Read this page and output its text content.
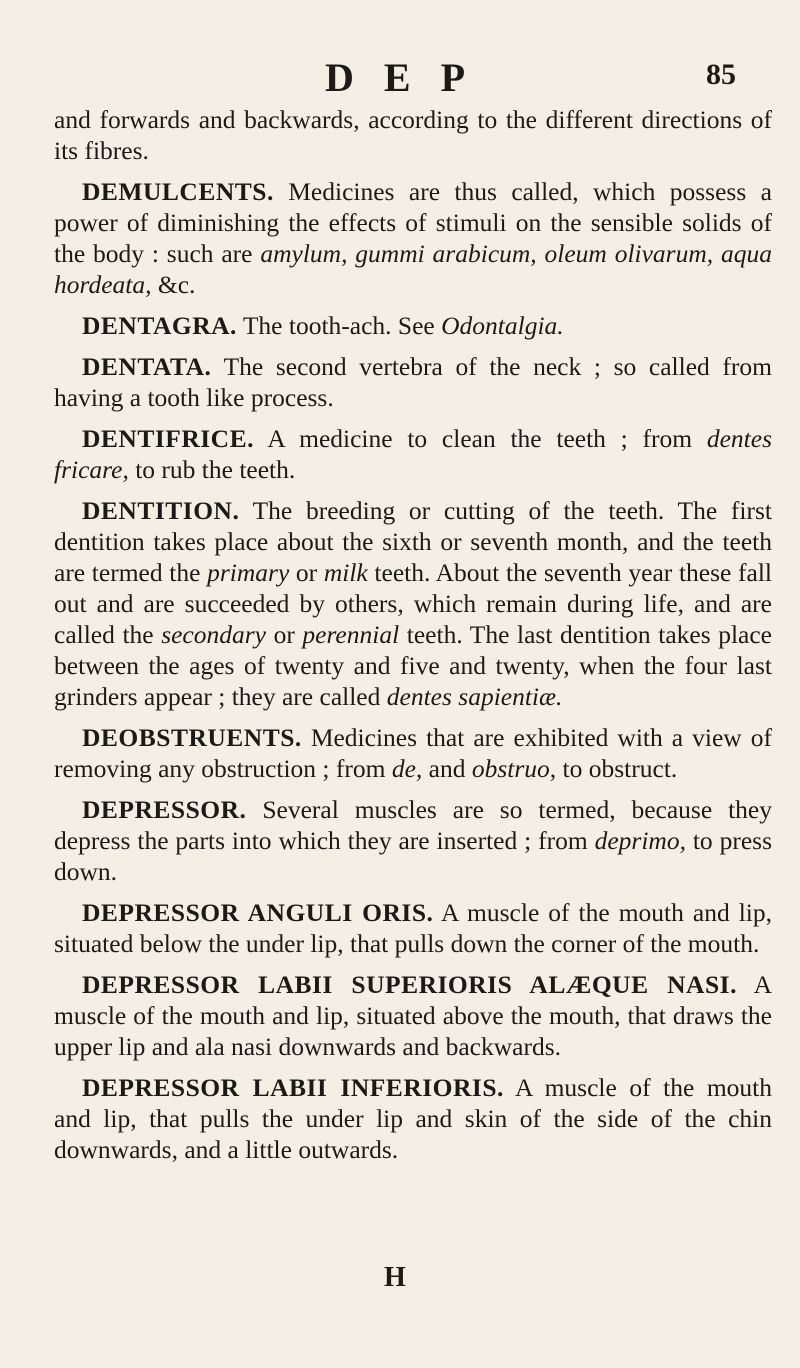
D E P	85

and forwards and backwards, according to the different directions of its fibres.

DEMULCENTS. Medicines are thus called, which possess a power of diminishing the effects of stimuli on the sensible solids of the body : such are amylum, gummi arabicum, oleum olivarum, aqua hordeata, &c.

DENTAGRA. The tooth-ach. See Odontalgia.

DENTATA. The second vertebra of the neck ; so called from having a tooth like process.

DENTIFRICE. A medicine to clean the teeth ; from dentes fricare, to rub the teeth.

DENTITION. The breeding or cutting of the teeth. The first dentition takes place about the sixth or seventh month, and the teeth are termed the primary or milk teeth. About the seventh year these fall out and are succeeded by others, which remain during life, and are called the secondary or perennial teeth. The last dentition takes place between the ages of twenty and five and twenty, when the four last grinders appear ; they are called dentes sapientiæ.

DEOBSTRUENTS. Medicines that are exhibited with a view of removing any obstruction ; from de, and obstruo, to obstruct.

DEPRESSOR. Several muscles are so termed, because they depress the parts into which they are inserted ; from deprimo, to press down.

DEPRESSOR ANGULI ORIS. A muscle of the mouth and lip, situated below the under lip, that pulls down the corner of the mouth.

DEPRESSOR LABII SUPERIORIS ALÆQUE NASI. A muscle of the mouth and lip, situated above the mouth, that draws the upper lip and ala nasi downwards and backwards.

DEPRESSOR LABII INFERIORIS. A muscle of the mouth and lip, that pulls the under lip and skin of the side of the chin downwards, and a little outwards.

H
